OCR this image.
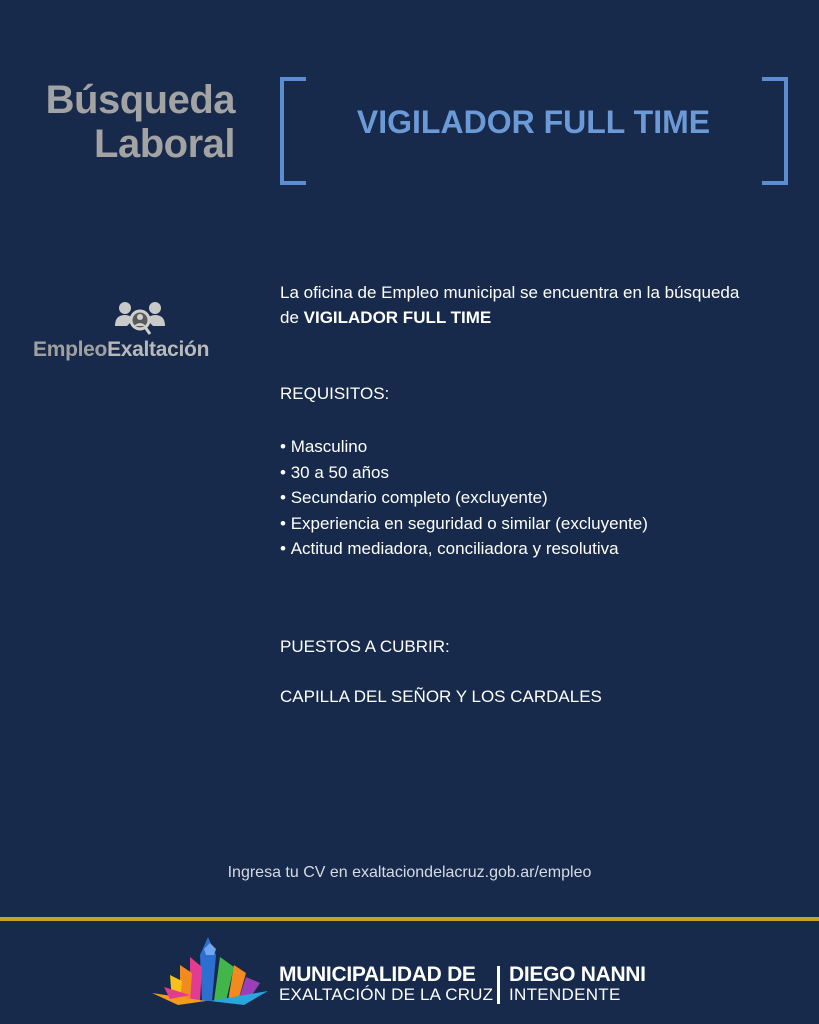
Búsqueda
Laboral	VIGILADOR FULL TIME
EmpleoExaltación

La oficina de Empleo municipal se encuentra en la búsqueda
de VIGILADOR FULL TIME

REQUISITOS:
• Masculino
• 30 a 50 años
• Secundario completo (excluyente)
• Experiencia en seguridad o similar (excluyente)
• Actitud mediadora, conciliadora y resolutiva
PUESTOS A CUBRIR:
CAPILLA DEL SEÑOR Y LOS CARDALES
Ingresa tu CV en exaltaciondelacruz.gob.ar/empleo
MUNICIPALIDAD DE
EXALTACIÓN DE LA CRUZ
DIEGO NANNI
INTENDENTE
